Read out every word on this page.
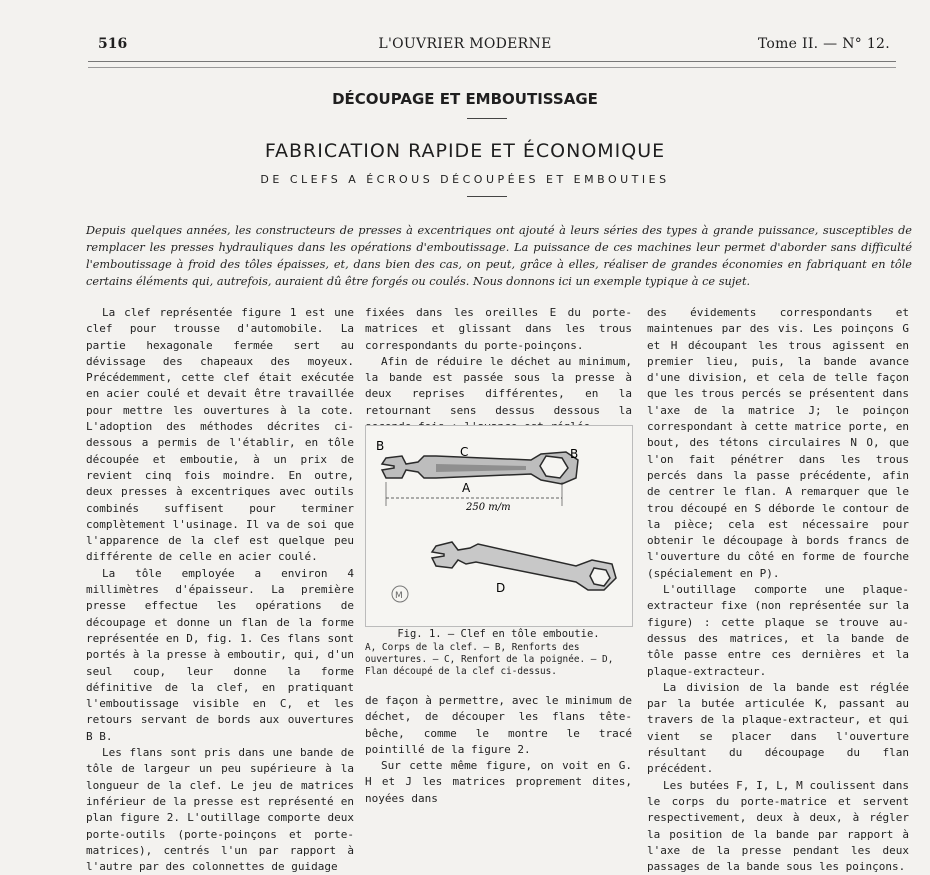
516	L'OUVRIER MODERNE	Tome II. — N° 12.
DÉCOUPAGE ET EMBOUTISSAGE
FABRICATION RAPIDE ET ÉCONOMIQUE
DE CLEFS A ÉCROUS DÉCOUPÉES ET EMBOUTIES
Depuis quelques années, les constructeurs de presses à excentriques ont ajouté à leurs séries des types à grande puissance, susceptibles de remplacer les presses hydrauliques dans les opérations d'emboutissage. La puissance de ces machines leur permet d'aborder sans difficulté l'emboutissage à froid des tôles épaisses, et, dans bien des cas, on peut, grâce à elles, réaliser de grandes économies en fabriquant en tôle certains éléments qui, autrefois, auraient dû être forgés ou coulés. Nous donnons ici un exemple typique à ce sujet.

La clef représentée figure 1 est une clef pour trousse d'automobile. La partie hexagonale fermée sert au dévissage des chapeaux des moyeux. Précédemment, cette clef était exécutée en acier coulé et devait être travaillée pour mettre les ouvertures à la cote. L'adoption des méthodes décrites ci-dessous a permis de l'établir, en tôle découpée et emboutie, à un prix de revient cinq fois moindre. En outre, deux presses à excentriques avec outils combinés suffisent pour terminer complètement l'usinage. Il va de soi que l'apparence de la clef est quelque peu différente de celle en acier coulé.

La tôle employée a environ 4 millimètres d'épaisseur. La première presse effectue les opérations de découpage et donne un flan de la forme représentée en D, fig. 1. Ces flans sont portés à la presse à emboutir, qui, d'un seul coup, leur donne la forme définitive de la clef, en pratiquant l'emboutissage visible en C, et les retours servant de bords aux ouvertures B B.

Les flans sont pris dans une bande de tôle de largeur un peu supérieure à la longueur de la clef. Le jeu de matrices inférieur de la presse est représenté en plan figure 2. L'outillage comporte deux porte-outils (porte-poinçons et porte-matrices), centrés l'un par rapport à l'autre par des colonnettes de guidage

fixées dans les oreilles E du porte-matrices et glissant dans les trous correspondants du porte-poinçons.

Afin de réduire le déchet au minimum, la bande est passée sous la presse à deux reprises différentes, en la retournant sens dessus dessous la

B	C	B
A
250 m/m
D
M
Fig. 1. — Clef en tôle emboutie.
A, Corps de la clef. — B, Renforts des ouvertures. — C, Renfort de la poignée. — D, Flan découpé de la clef ci-dessus.

de façon à permettre, avec le minimum de déchet, de découper les flans tête-bêche, comme le montre le tracé pointillé de la figure 2.

Sur cette même figure, on voit en G. H et J les matrices proprement dites, noyées dans

des évidements correspondants et maintenues par des vis. Les poinçons G et H découpant les trous agissent en premier lieu, puis, la bande avance d'une division, et cela de telle façon que les trous percés se présentent dans l'axe de la matrice J; le poinçon correspondant à cette matrice porte, en bout, des tétons circulaires N O, que l'on fait pénétrer dans les trous percés dans la passe précédente, afin de centrer le flan. A remarquer que le trou découpé en S déborde le contour de la pièce; cela est nécessaire pour obtenir le découpage à bords francs de l'ouverture du côté en forme de fourche (spécialement en P).

L'outillage comporte une plaque-extracteur fixe (non représentée sur la figure) : cette plaque se trouve au-dessus des matrices, et la bande de tôle passe entre ces dernières et la plaque-extracteur.

La division de la bande est réglée par la butée articulée K, passant au travers de la plaque-extracteur, et qui vient se placer dans l'ouverture résultant du découpage du flan précédent.

Les butées F, I, L, M coulissent dans le corps du porte-matrice et servent respectivement, deux à deux, à régler la position de la bande par rapport à l'axe de la presse pendant les deux passages de la bande sous les poinçons.
